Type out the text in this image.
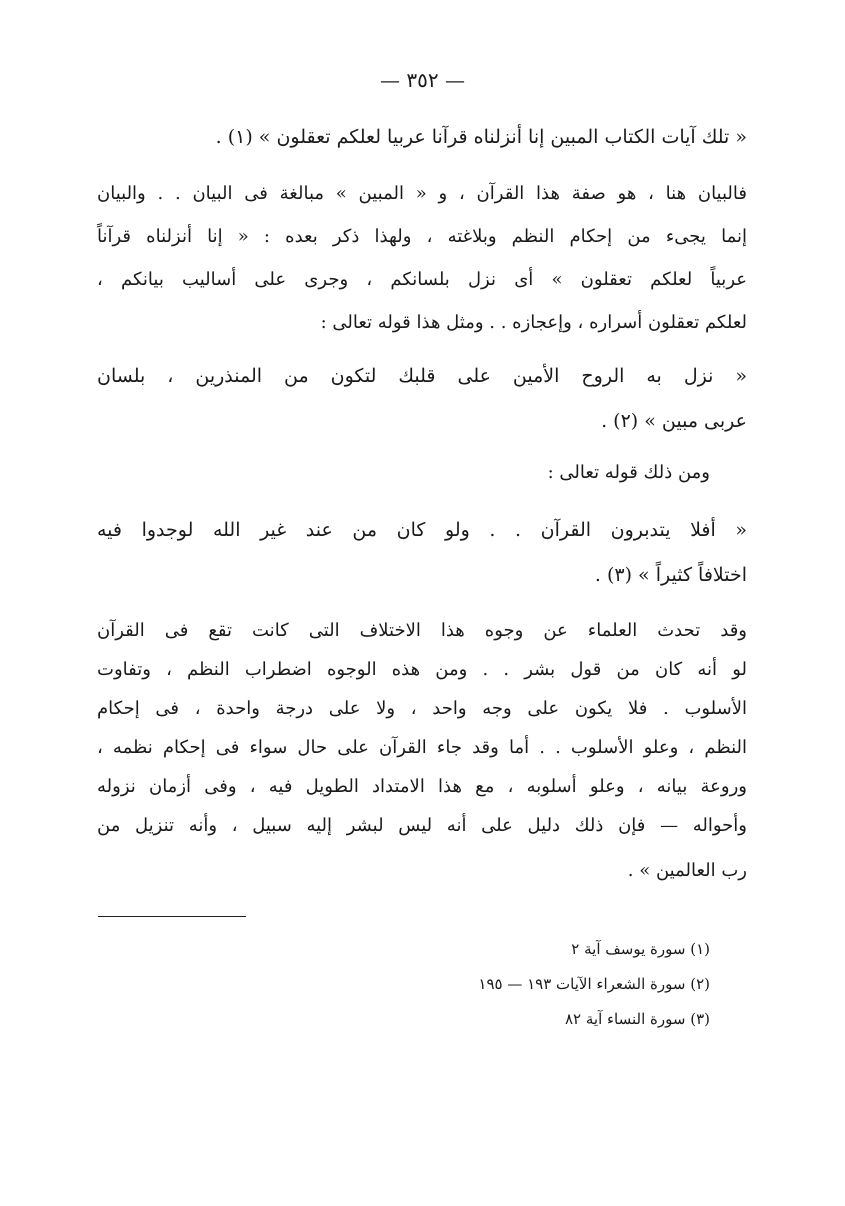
— ٣٥٢ —
« تلك آيات الكتاب المبين إنا أنزلناه قرآنا عربيا لعلكم تعقلون » (١) .
فالبيان هنا ، هو صفة هذا القرآن ، و « المبين » مبالغة فى البيان . . والبيان
إنما يجىء من إحكام النظم وبلاغته ، ولهذا ذكر بعده : « إنا أنزلناه قرآناً
عربياً لعلكم تعقلون » أى نزل بلسانكم ، وجرى على أساليب بيانكم ،
لعلكم تعقلون أسراره ، وإعجازه . . ومثل هذا قوله تعالى :
« نزل به الروح الأمين على قلبك لتكون من المنذرين ، بلسان
عربى مبين » (٢) .
ومن ذلك قوله تعالى :
« أفلا يتدبرون القرآن . . ولو كان من عند غير الله لوجدوا فيه
اختلافاً كثيراً » (٣) .
وقد تحدث العلماء عن وجوه هذا الاختلاف التى كانت تقع فى القرآن
لو أنه كان من قول بشر . . ومن هذه الوجوه اضطراب النظم ، وتفاوت
الأسلوب . فلا يكون على وجه واحد ، ولا على درجة واحدة ، فى إحكام
النظم ، وعلو الأسلوب . . أما وقد جاء القرآن على حال سواء فى إحكام نظمه ،
وروعة بيانه ، وعلو أسلوبه ، مع هذا الامتداد الطويل فيه ، وفى أزمان نزوله
وأحواله — فإن ذلك دليل على أنه ليس لبشر إليه سبيل ، وأنه تنزيل من
رب العالمين » .
(١) سورة يوسف آية ٢
(٢) سورة الشعراء الآيات ١٩٣ — ١٩٥
(٣) سورة النساء آية ٨٢
